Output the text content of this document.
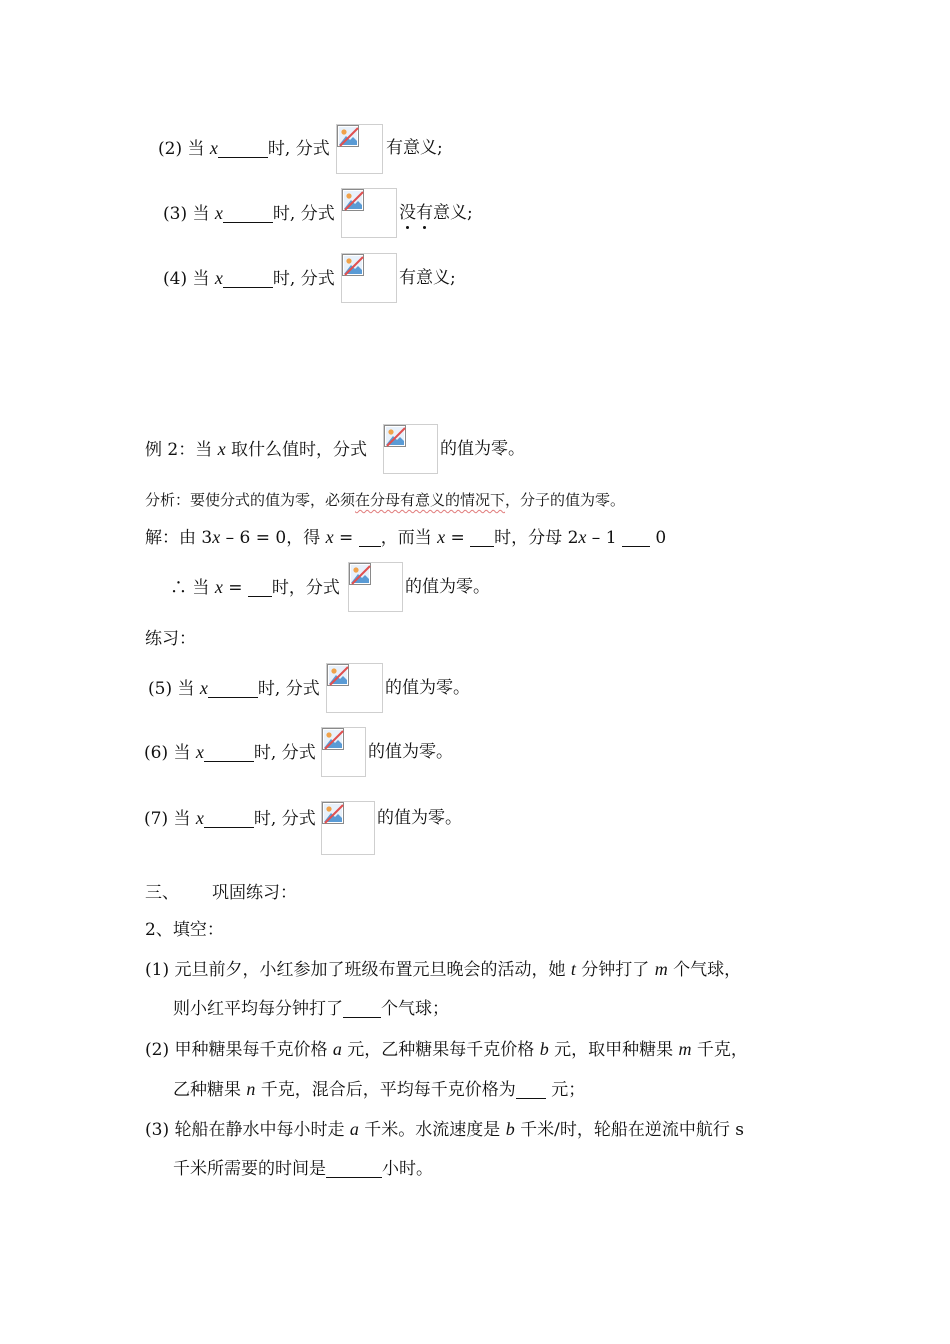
(2) 当 x	时, 分式	有意义;
(3) 当 x	时, 分式	没有意义;
(4) 当 x	时, 分式	有意义;
例 2：当 x 取什么值时，分式	的值为零。
分析：要使分式的值为零，必须在分母有意义的情况下，分子的值为零。
解：由 3x – 6 = 0，得 x = ，而当 x = 时，分母 2x – 1  0
∴ 当 x = 时，分式	的值为零。
练习：
(5) 当 x	时, 分式	的值为零。
(6) 当 x	时, 分式	的值为零。
(7) 当 x	时, 分式	的值为零。
三、 巩固练习：
2、填空：
(1) 元旦前夕，小红参加了班级布置元旦晚会的活动，她 t 分钟打了 m 个气球，
则小红平均每分钟打了 个气球；
(2) 甲种糖果每千克价格 a 元，乙种糖果每千克价格 b 元，取甲种糖果 m 千克，
乙种糖果 n 千克，混合后，平均每千克价格为 元；
(3) 轮船在静水中每小时走 a 千米。水流速度是 b 千米/时，轮船在逆流中航行 s
千米所需要的时间是	小时。
